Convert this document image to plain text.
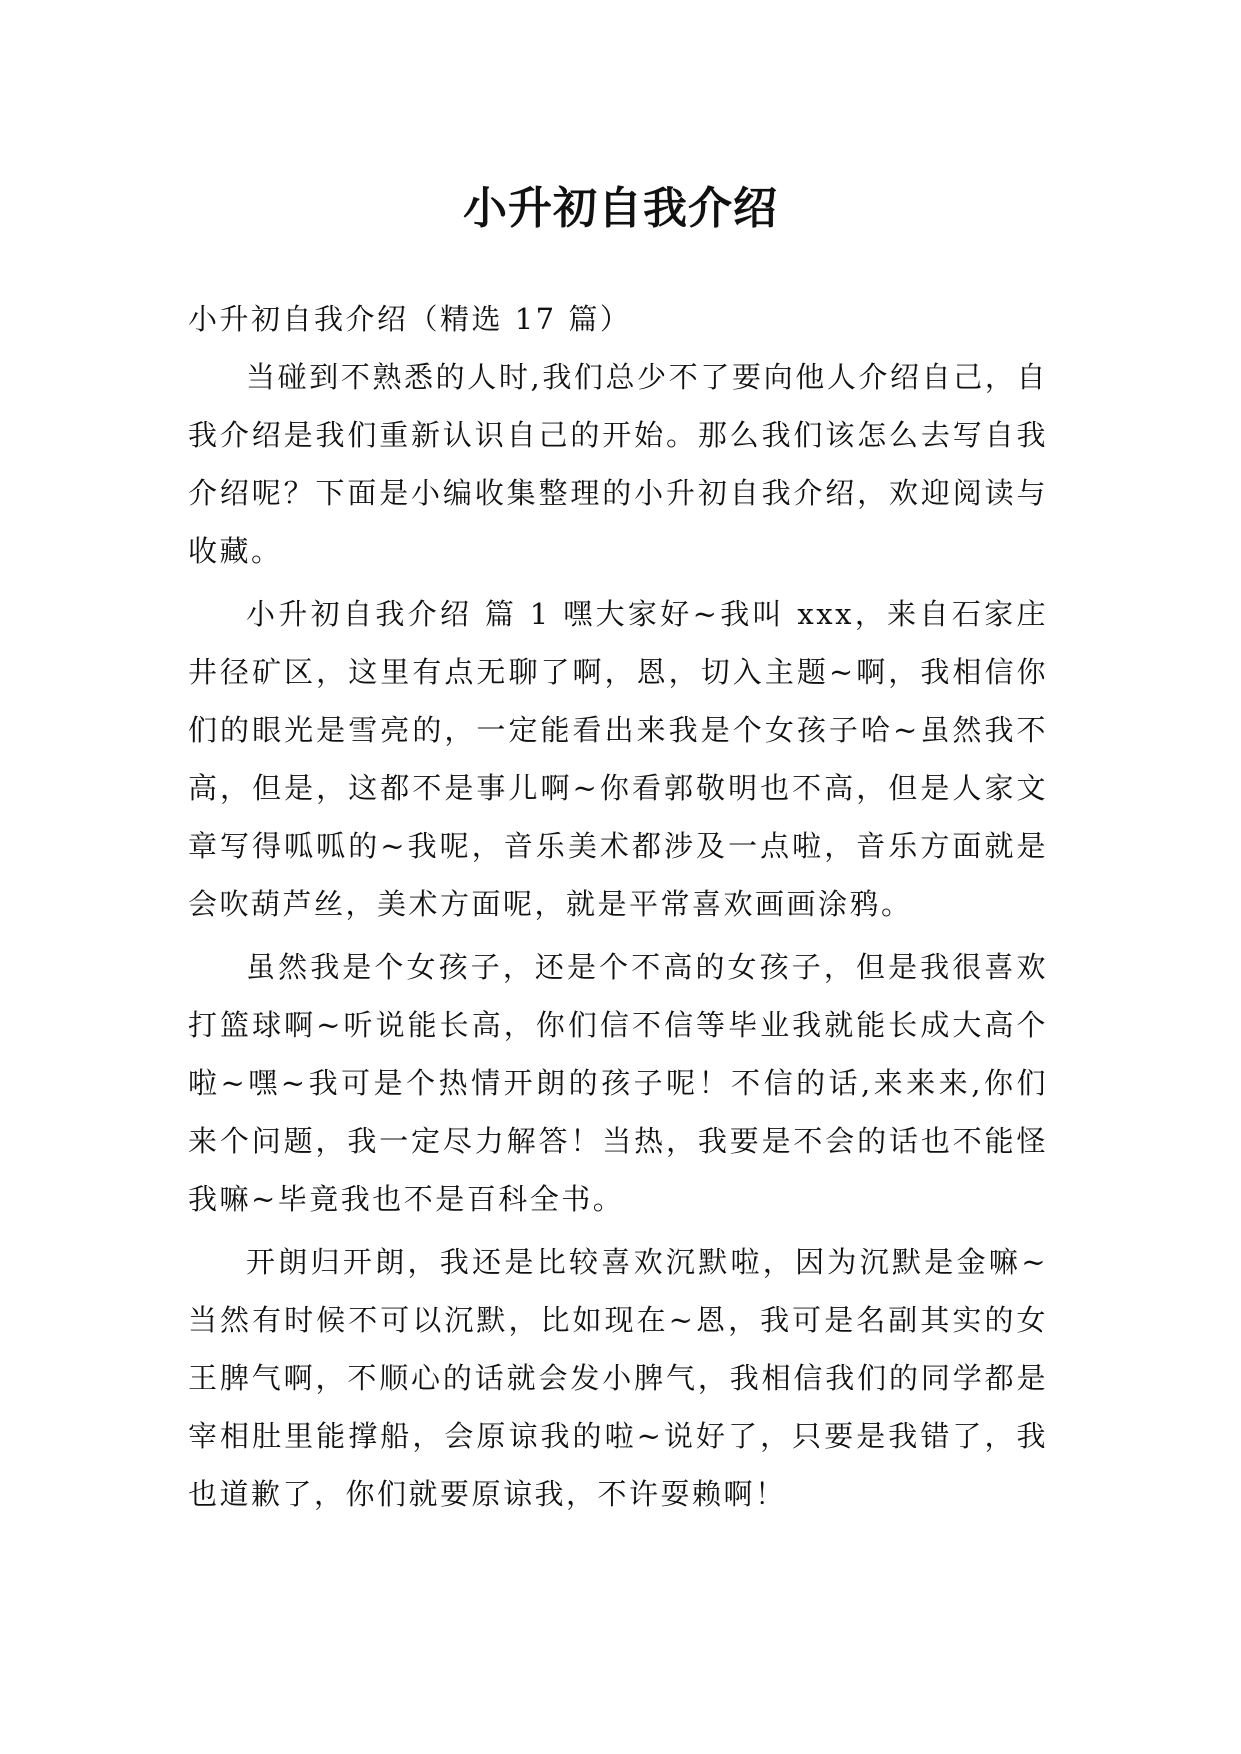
小升初自我介绍

小升初自我介绍（精选 17 篇）

当碰到不熟悉的人时,我们总少不了要向他人介绍自己，自我介绍是我们重新认识自己的开始。那么我们该怎么去写自我介绍呢？下面是小编收集整理的小升初自我介绍，欢迎阅读与收藏。

小升初自我介绍 篇 1 嘿大家好~我叫 xxx，来自石家庄井径矿区，这里有点无聊了啊，恩，切入主题~啊，我相信你们的眼光是雪亮的，一定能看出来我是个女孩子哈~虽然我不高，但是，这都不是事儿啊~你看郭敬明也不高，但是人家文章写得呱呱的~我呢，音乐美术都涉及一点啦，音乐方面就是会吹葫芦丝，美术方面呢，就是平常喜欢画画涂鸦。

虽然我是个女孩子，还是个不高的女孩子，但是我很喜欢打篮球啊~听说能长高，你们信不信等毕业我就能长成大高个啦~嘿~我可是个热情开朗的孩子呢！不信的话,来来来,你们来个问题，我一定尽力解答！当热，我要是不会的话也不能怪我嘛~毕竟我也不是百科全书。

开朗归开朗，我还是比较喜欢沉默啦，因为沉默是金嘛~当然有时候不可以沉默，比如现在~恩，我可是名副其实的女王脾气啊，不顺心的话就会发小脾气，我相信我们的同学都是宰相肚里能撑船，会原谅我的啦~说好了，只要是我错了，我也道歉了，你们就要原谅我，不许耍赖啊！
